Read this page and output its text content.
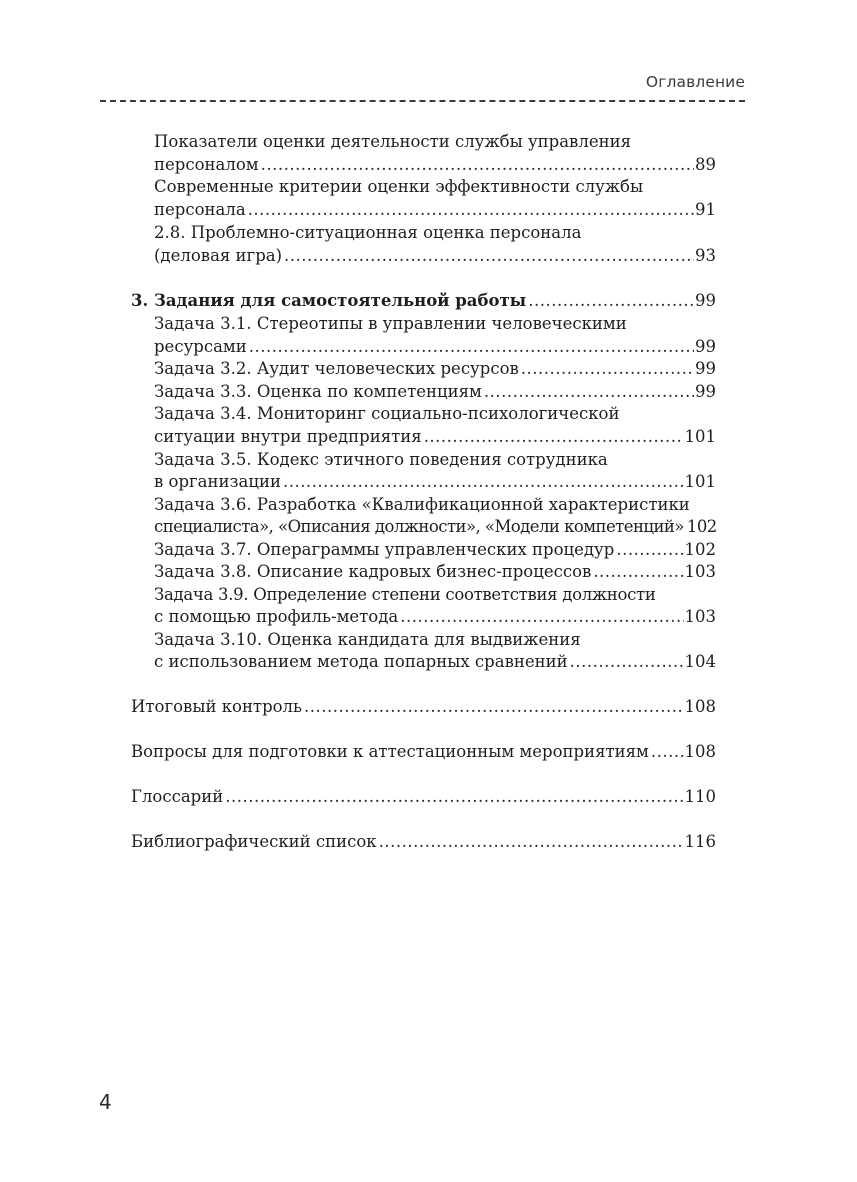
Оглавление
Показатели оценки деятельности службы управления
персоналом .....	89
Современные критерии оценки эффективности службы
персонала .....	91
2.8. Проблемно-ситуационная оценка персонала
(деловая игра) .....	93
3. Задания для самостоятельной работы .....	99
Задача 3.1. Стереотипы в управлении человеческими
ресурсами .....	99
Задача 3.2. Аудит человеческих ресурсов .....	99
Задача 3.3. Оценка по компетенциям .....	99
Задача 3.4. Мониторинг социально-психологической
ситуации внутри предприятия .....	101
Задача 3.5. Кодекс этичного поведения сотрудника
в организации .....	101
Задача 3.6. Разработка «Квалификационной характеристики
специалиста», «Описания должности», «Модели компетенций» 102
Задача 3.7. Операграммы управленческих процедур .....	102
Задача 3.8. Описание кадровых бизнес-процессов .....	103
Задача 3.9. Определение степени соответствия должности
с помощью профиль-метода .....	103
Задача 3.10. Оценка кандидата для выдвижения
с использованием метода попарных сравнений .....	104
Итоговый контроль .....	108
Вопросы для подготовки к аттестационным мероприятиям ..... 108
Глоссарий .....	110
Библиографический список .....	116
4
